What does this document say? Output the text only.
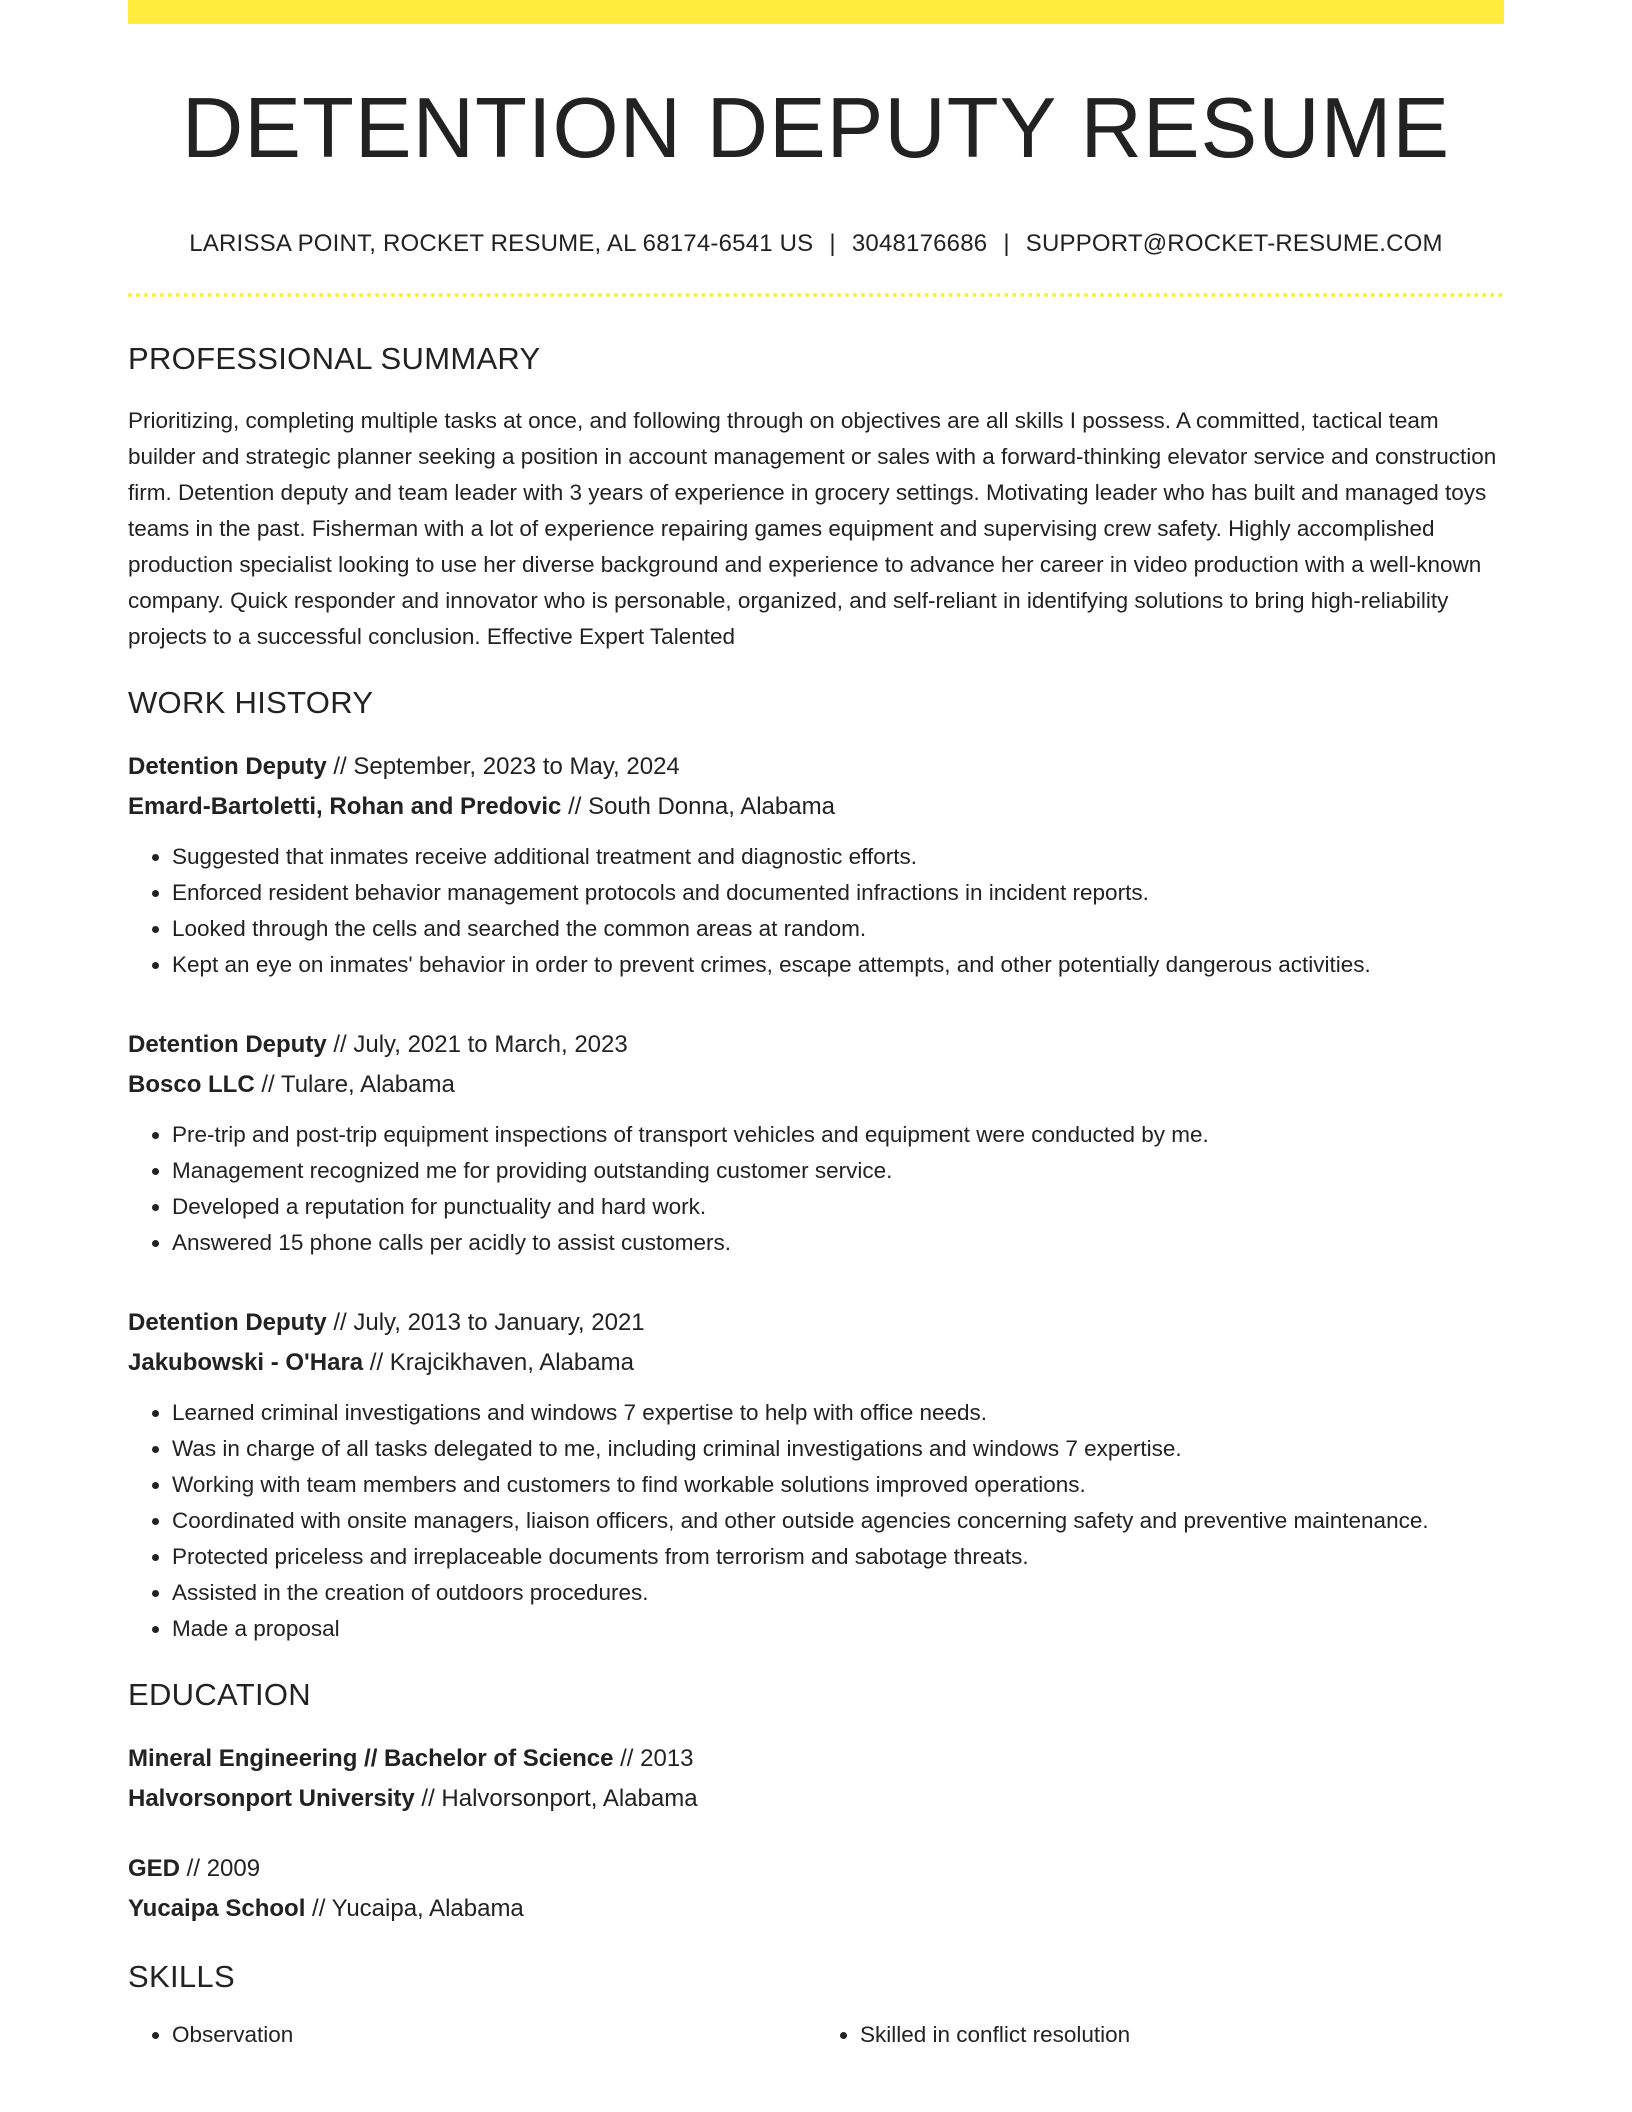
DETENTION DEPUTY RESUME
LARISSA POINT, ROCKET RESUME, AL 68174-6541 US | 3048176686 | SUPPORT@ROCKET-RESUME.COM
PROFESSIONAL SUMMARY
Prioritizing, completing multiple tasks at once, and following through on objectives are all skills I possess. A committed, tactical team builder and strategic planner seeking a position in account management or sales with a forward-thinking elevator service and construction firm. Detention deputy and team leader with 3 years of experience in grocery settings. Motivating leader who has built and managed toys teams in the past. Fisherman with a lot of experience repairing games equipment and supervising crew safety. Highly accomplished production specialist looking to use her diverse background and experience to advance her career in video production with a well-known company. Quick responder and innovator who is personable, organized, and self-reliant in identifying solutions to bring high-reliability projects to a successful conclusion. Effective Expert Talented
WORK HISTORY
Detention Deputy // September, 2023 to May, 2024
Emard-Bartoletti, Rohan and Predovic // South Donna, Alabama
• Suggested that inmates receive additional treatment and diagnostic efforts.
• Enforced resident behavior management protocols and documented infractions in incident reports.
• Looked through the cells and searched the common areas at random.
• Kept an eye on inmates' behavior in order to prevent crimes, escape attempts, and other potentially dangerous activities.
Detention Deputy // July, 2021 to March, 2023
Bosco LLC // Tulare, Alabama
• Pre-trip and post-trip equipment inspections of transport vehicles and equipment were conducted by me.
• Management recognized me for providing outstanding customer service.
• Developed a reputation for punctuality and hard work.
• Answered 15 phone calls per acidly to assist customers.
Detention Deputy // July, 2013 to January, 2021
Jakubowski - O'Hara // Krajcikhaven, Alabama
• Learned criminal investigations and windows 7 expertise to help with office needs.
• Was in charge of all tasks delegated to me, including criminal investigations and windows 7 expertise.
• Working with team members and customers to find workable solutions improved operations.
• Coordinated with onsite managers, liaison officers, and other outside agencies concerning safety and preventive maintenance.
• Protected priceless and irreplaceable documents from terrorism and sabotage threats.
• Assisted in the creation of outdoors procedures.
• Made a proposal
EDUCATION
Mineral Engineering // Bachelor of Science // 2013
Halvorsonport University // Halvorsonport, Alabama
GED // 2009
Yucaipa School // Yucaipa, Alabama
SKILLS
• Observation
•	Skilled in conflict resolution
